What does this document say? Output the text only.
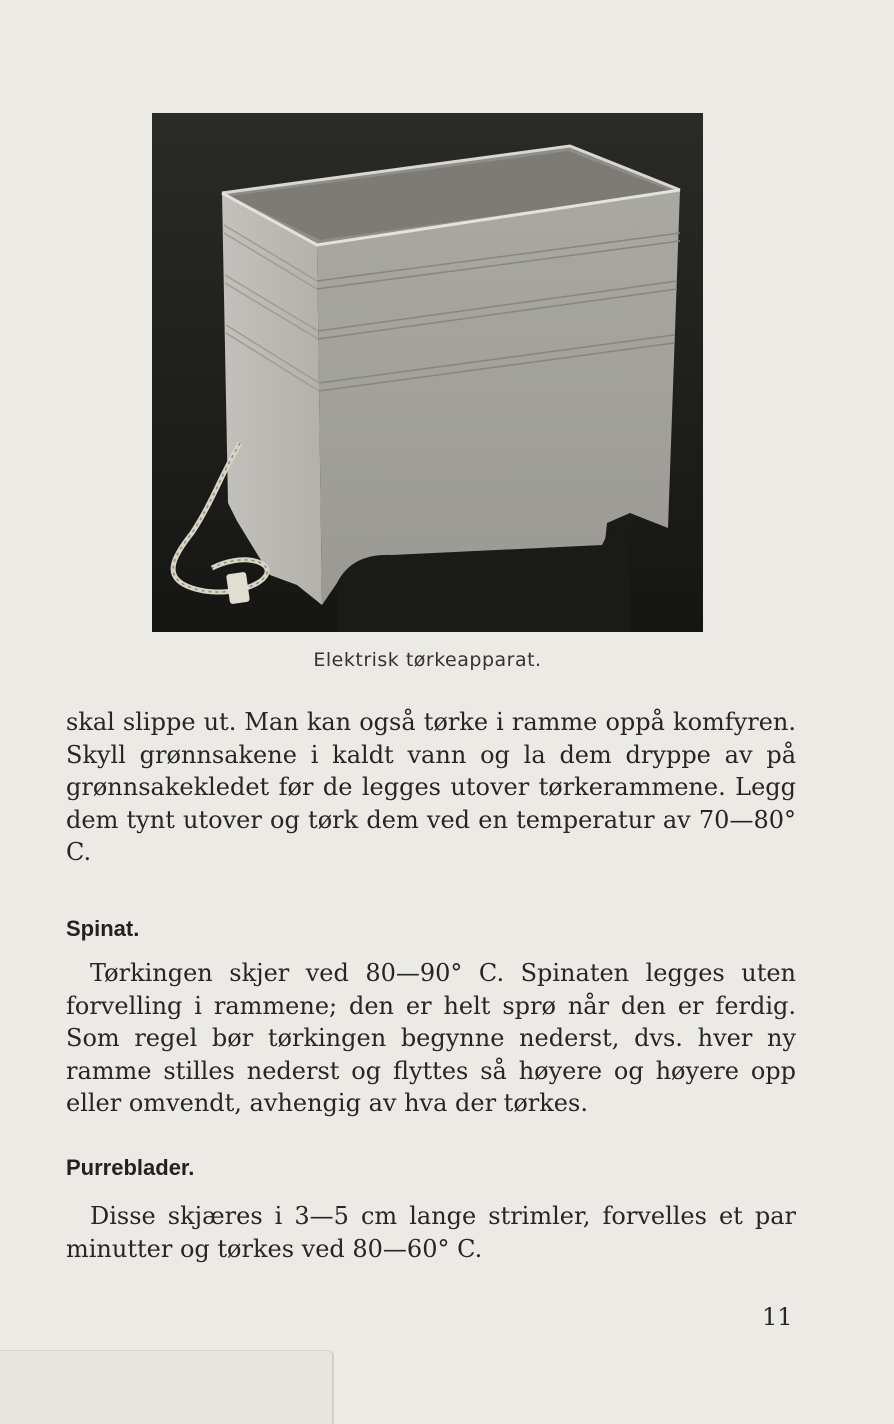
Elektrisk tørkeapparat.

skal slippe ut. Man kan også tørke i ramme oppå komfyren. Skyll grønnsakene i kaldt vann og la dem dryppe av på grønnsakekledet før de legges utover tørkerammene. Legg dem tynt utover og tørk dem ved en temperatur av 70—80° C.

Spinat.

Tørkingen skjer ved 80—90° C. Spinaten legges uten forvelling i rammene; den er helt sprø når den er ferdig. Som regel bør tørkingen begynne nederst, dvs. hver ny ramme stilles nederst og flyttes så høyere og høyere opp eller omvendt, avhengig av hva der tørkes.

Purreblader.

Disse skjæres i 3—5 cm lange strimler, forvelles et par minutter og tørkes ved 80—60° C.

11
